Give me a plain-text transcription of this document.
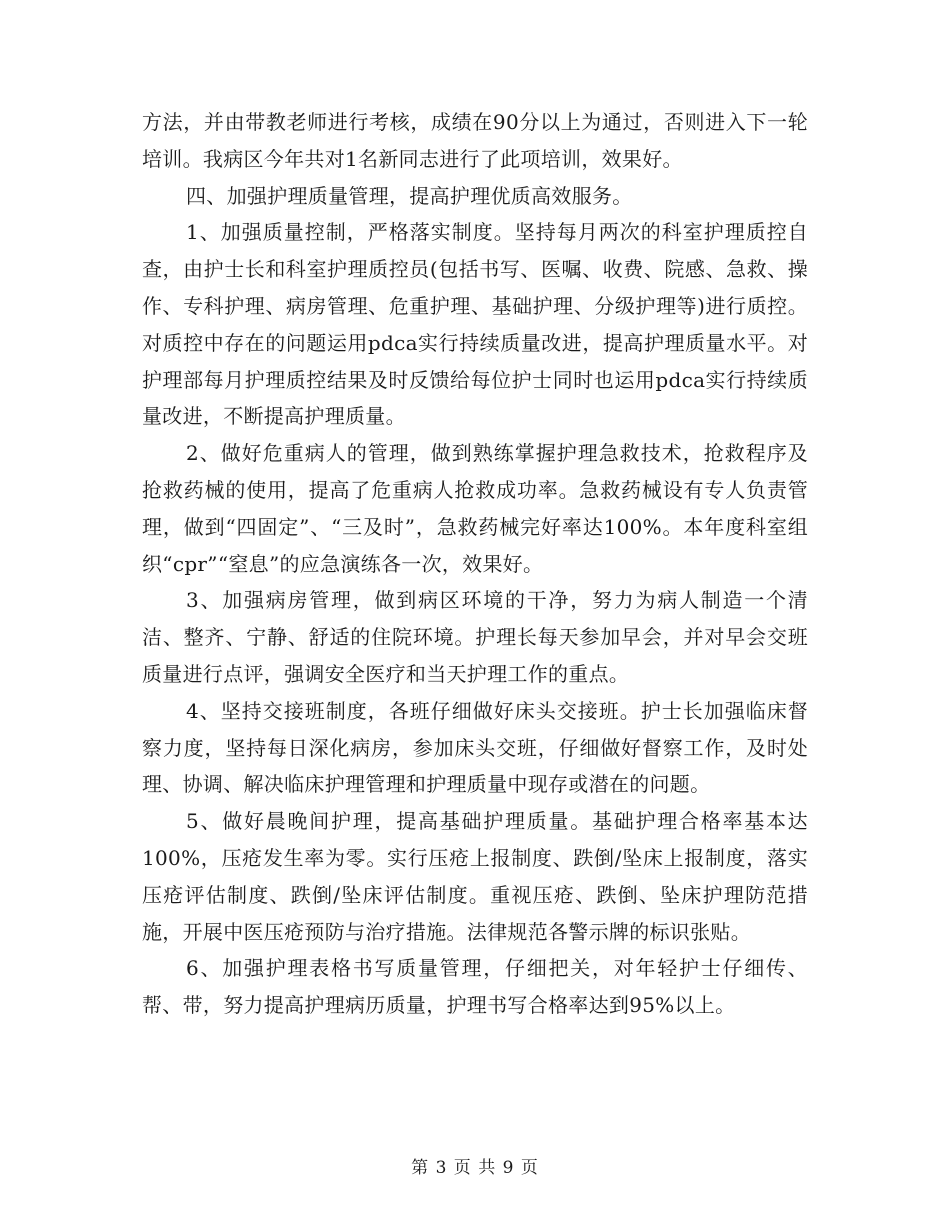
方法，并由带教老师进行考核，成绩在90分以上为通过，否则进入下一轮培训。我病区今年共对1名新同志进行了此项培训，效果好。

四、加强护理质量管理，提高护理优质高效服务。

1、加强质量控制，严格落实制度。坚持每月两次的科室护理质控自查，由护士长和科室护理质控员(包括书写、医嘱、收费、院感、急救、操作、专科护理、病房管理、危重护理、基础护理、分级护理等)进行质控。对质控中存在的问题运用pdca实行持续质量改进，提高护理质量水平。对护理部每月护理质控结果及时反馈给每位护士同时也运用pdca实行持续质量改进，不断提高护理质量。

2、做好危重病人的管理，做到熟练掌握护理急救技术，抢救程序及抢救药械的使用，提高了危重病人抢救成功率。急救药械设有专人负责管理，做到“四固定”、“三及时”，急救药械完好率达100%。本年度科室组织“cpr”“窒息”的应急演练各一次，效果好。

3、加强病房管理，做到病区环境的干净，努力为病人制造一个清洁、整齐、宁静、舒适的住院环境。护理长每天参加早会，并对早会交班质量进行点评，强调安全医疗和当天护理工作的重点。

4、坚持交接班制度，各班仔细做好床头交接班。护士长加强临床督察力度，坚持每日深化病房，参加床头交班，仔细做好督察工作，及时处理、协调、解决临床护理管理和护理质量中现存或潜在的问题。

5、做好晨晚间护理，提高基础护理质量。基础护理合格率基本达100%，压疮发生率为零。实行压疮上报制度、跌倒/坠床上报制度，落实压疮评估制度、跌倒/坠床评估制度。重视压疮、跌倒、坠床护理防范措施，开展中医压疮预防与治疗措施。法律规范各警示牌的标识张贴。

6、加强护理表格书写质量管理，仔细把关，对年轻护士仔细传、帮、带，努力提高护理病历质量，护理书写合格率达到95%以上。

第 3 页 共 9 页
